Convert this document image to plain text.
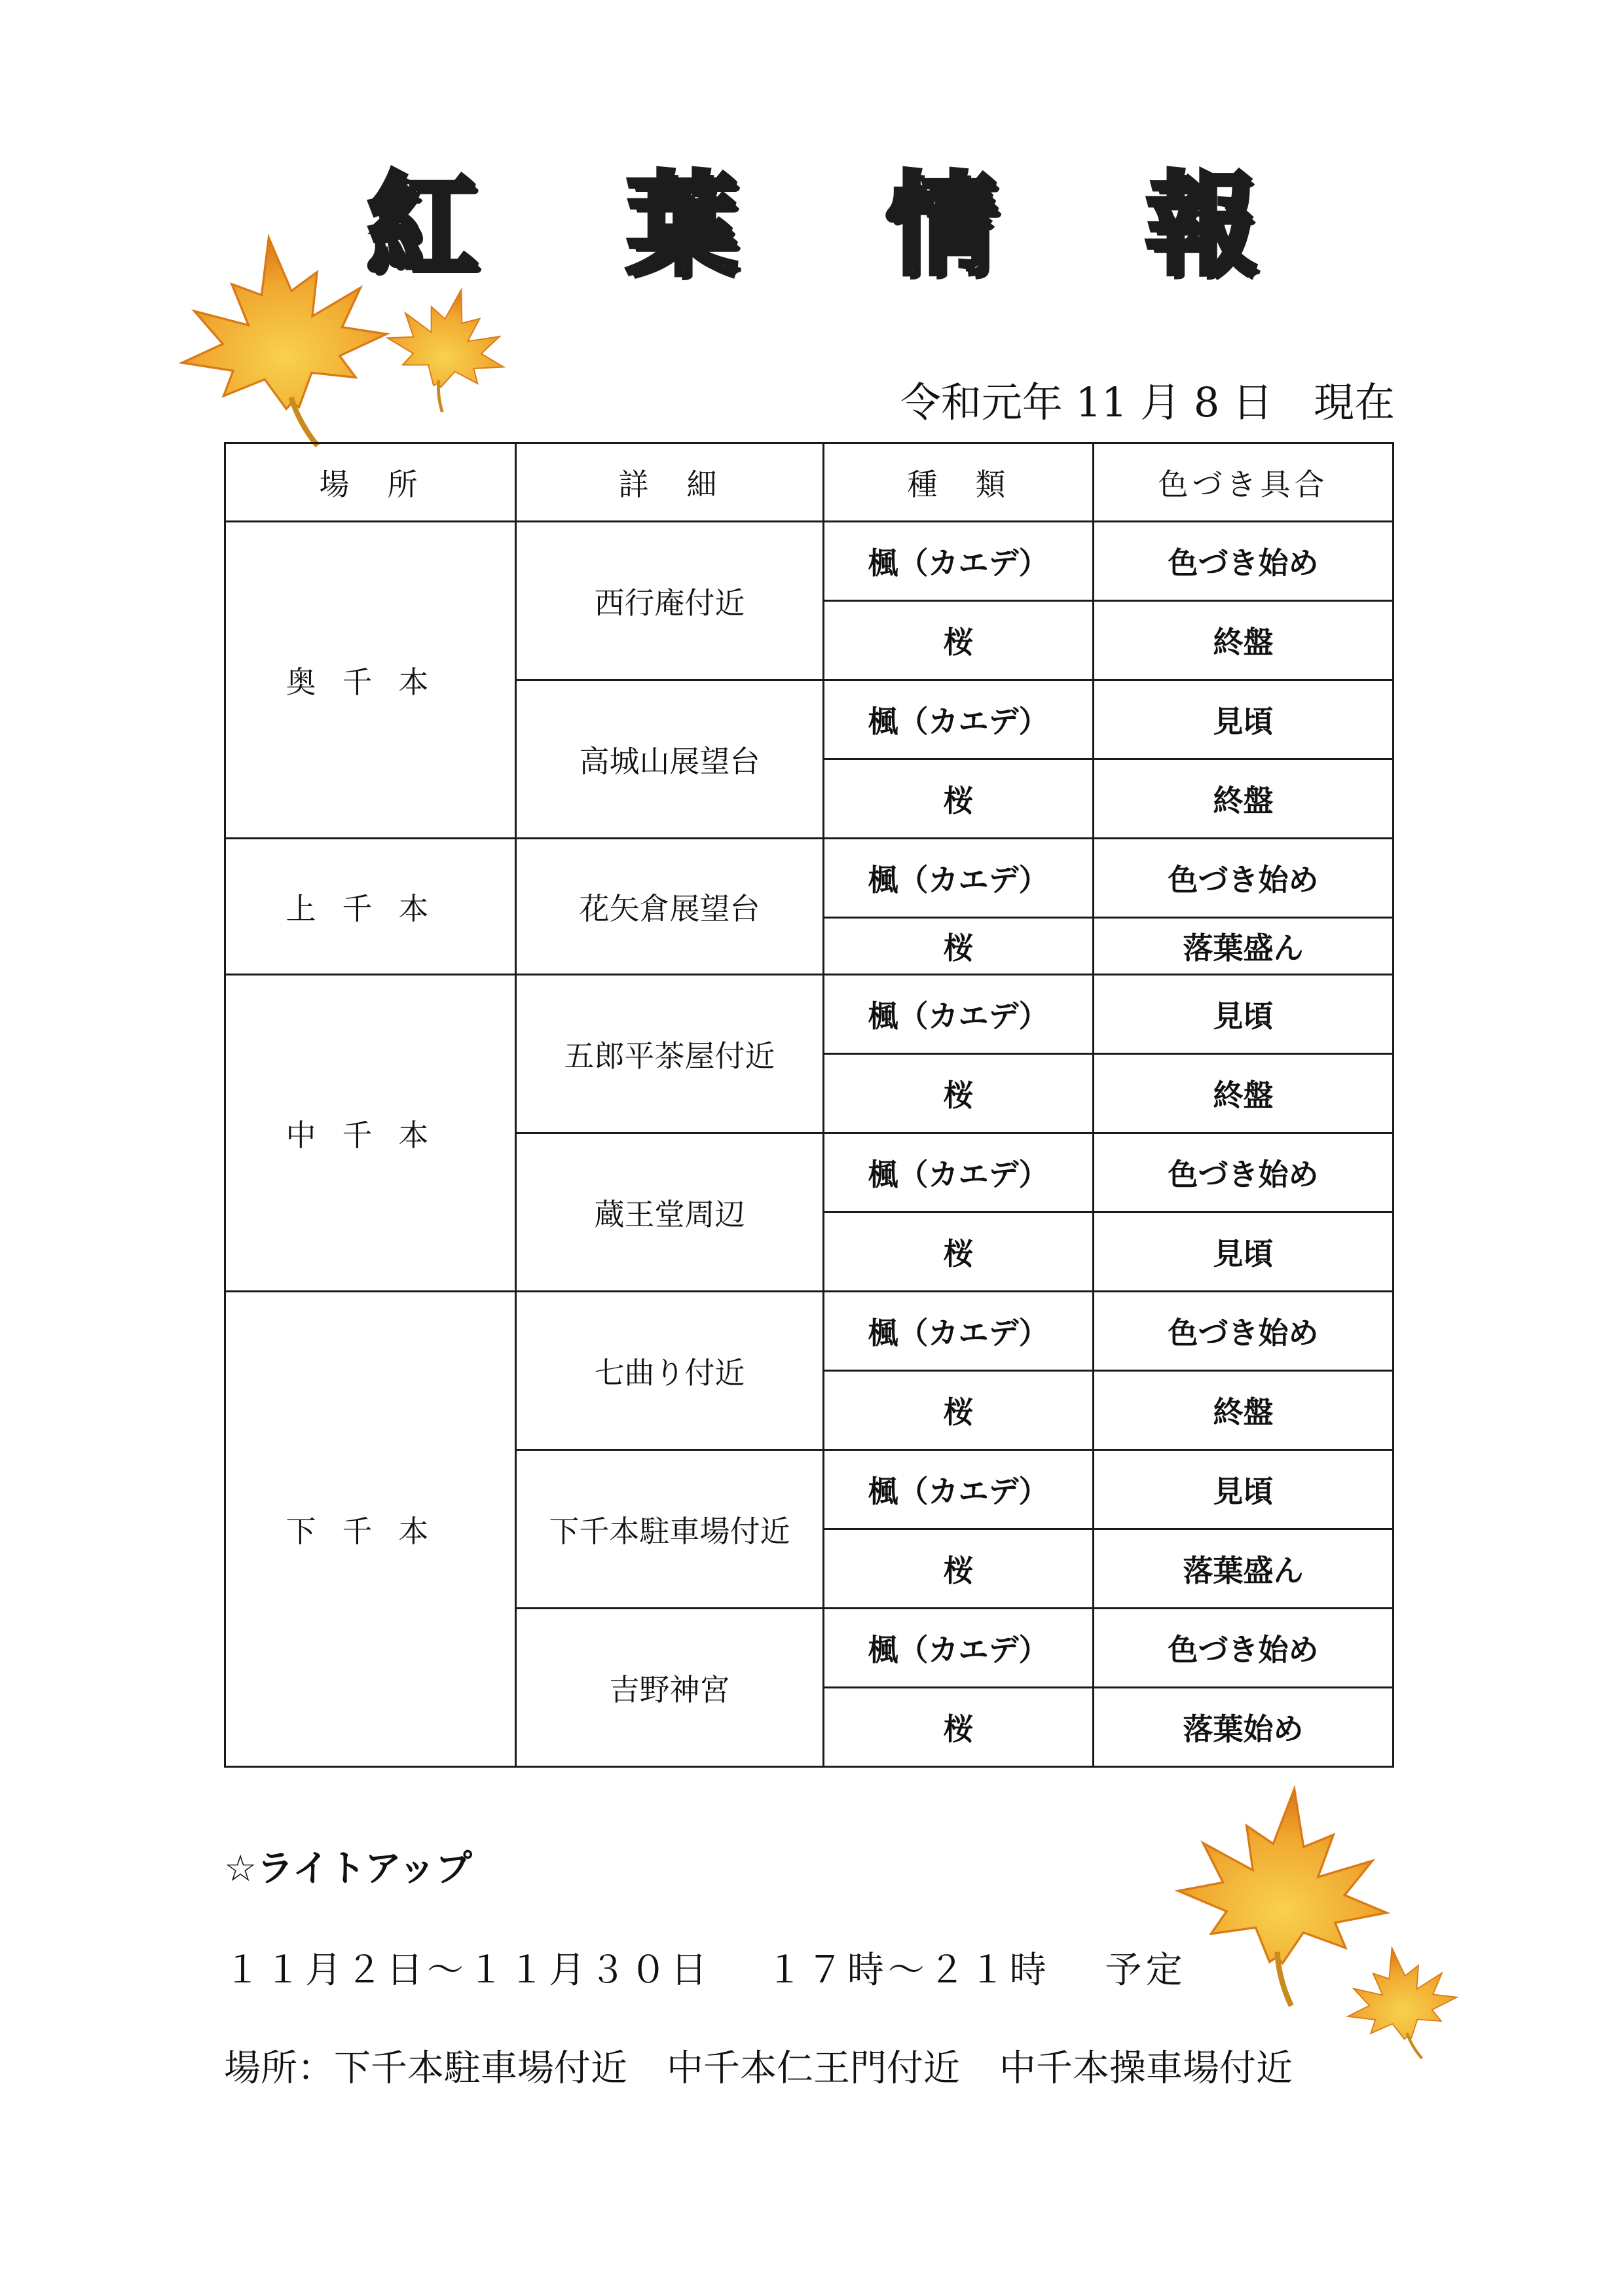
紅 葉 情 報
令和元年 11 月 8 日　現在
場　所	詳　細	種　類	色づき具合
奥千本	西行庵付近	楓（カエデ）	色づき始め
		桜	終盤
	高城山展望台	楓（カエデ）	見頃
		桜	終盤
上千本	花矢倉展望台	楓（カエデ）	色づき始め
		桜	落葉盛ん
中千本	五郎平茶屋付近	楓（カエデ）	見頃
		桜	終盤
	蔵王堂周辺	楓（カエデ）	色づき始め
		桜	見頃
下千本	七曲り付近	楓（カエデ）	色づき始め
		桜	終盤
	下千本駐車場付近	楓（カエデ）	見頃
		桜	落葉盛ん
	吉野神宮	楓（カエデ）	色づき始め
		桜	落葉始め
☆ライトアップ
１１月２日～１１月３０日 １７時～２１時 予定
場所：下千本駐車場付近 中千本仁王門付近 中千本操車場付近
